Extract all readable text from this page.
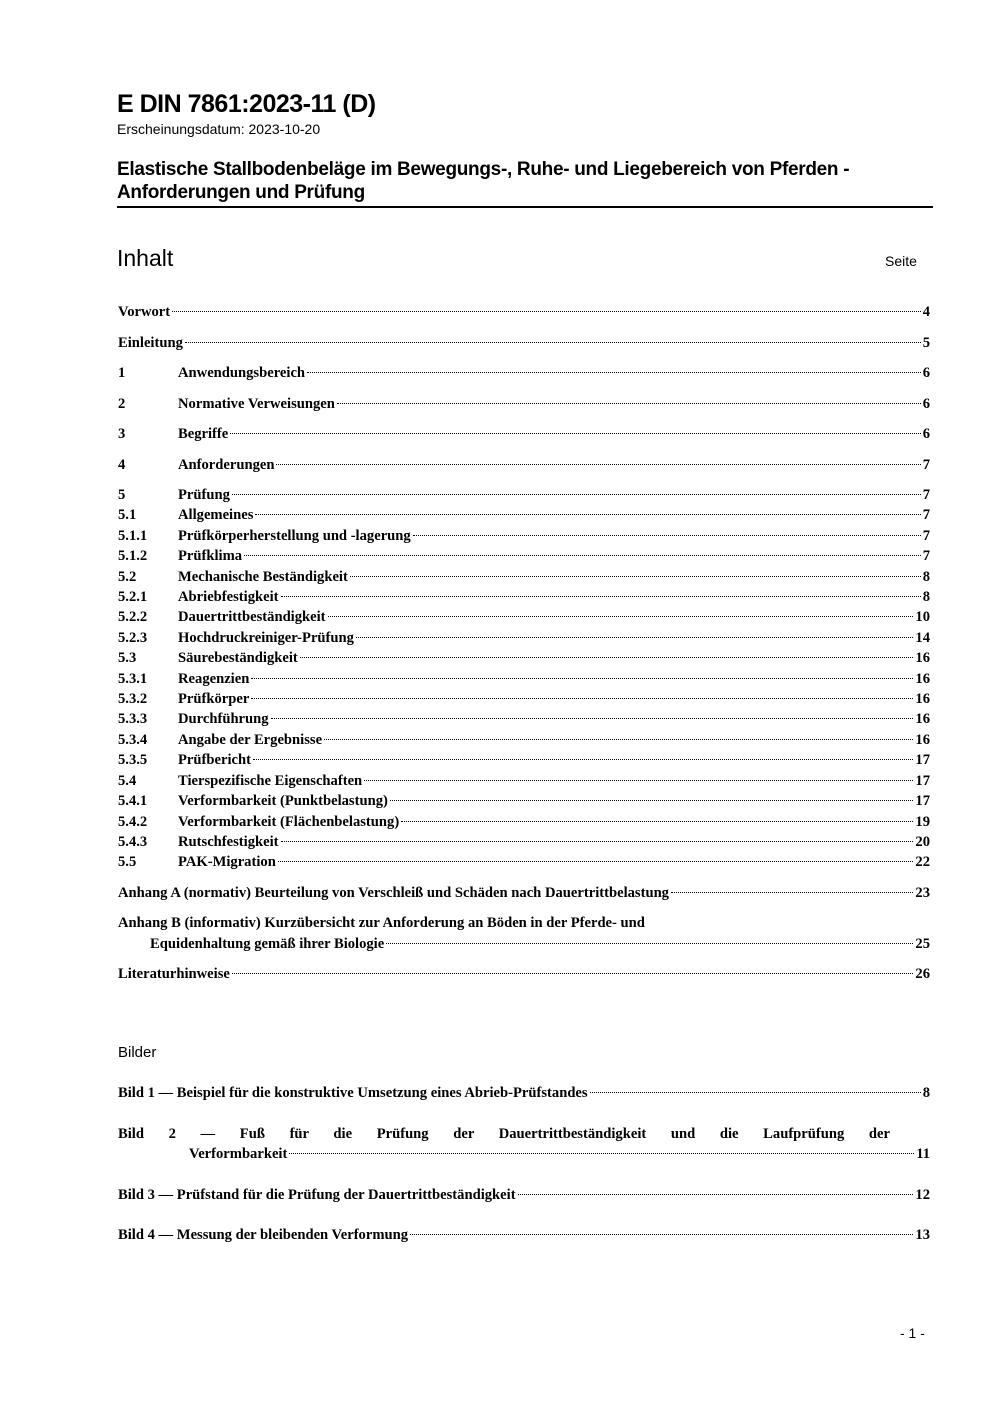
E DIN 7861:2023-11 (D)
Erscheinungsdatum: 2023-10-20
Elastische Stallbodenbeläge im Bewegungs-, Ruhe- und Liegebereich von Pferden - Anforderungen und Prüfung
Inhalt	Seite
Vorwort	4
Einleitung	5
1	Anwendungsbereich	6
2	Normative Verweisungen	6
3	Begriffe	6
4	Anforderungen	7
5	Prüfung	7
5.1	Allgemeines	7
5.1.1	Prüfkörperherstellung und -lagerung	7
5.1.2	Prüfklima	7
5.2	Mechanische Beständigkeit	8
5.2.1	Abriebfestigkeit	8
5.2.2	Dauertrittbeständigkeit	10
5.2.3	Hochdruckreiniger-Prüfung	14
5.3	Säurebeständigkeit	16
5.3.1	Reagenzien	16
5.3.2	Prüfkörper	16
5.3.3	Durchführung	16
5.3.4	Angabe der Ergebnisse	16
5.3.5	Prüfbericht	17
5.4	Tierspezifische Eigenschaften	17
5.4.1	Verformbarkeit (Punktbelastung)	17
5.4.2	Verformbarkeit (Flächenbelastung)	19
5.4.3	Rutschfestigkeit	20
5.5	PAK-Migration	22
Anhang A (normativ) Beurteilung von Verschleiß und Schäden nach Dauertrittbelastung	23
Anhang B (informativ) Kurzübersicht zur Anforderung an Böden in der Pferde- und
Equidenhaltung gemäß ihrer Biologie	25
Literaturhinweise	26
Bilder
Bild 1 — Beispiel für die konstruktive Umsetzung eines Abrieb-Prüfstandes	8
Bild 2 — Fuß für die Prüfung der Dauertrittbeständigkeit und die Laufprüfung der
Verformbarkeit	11
Bild 3 — Prüfstand für die Prüfung der Dauertrittbeständigkeit	12
Bild 4 — Messung der bleibenden Verformung	13
- 1 -
